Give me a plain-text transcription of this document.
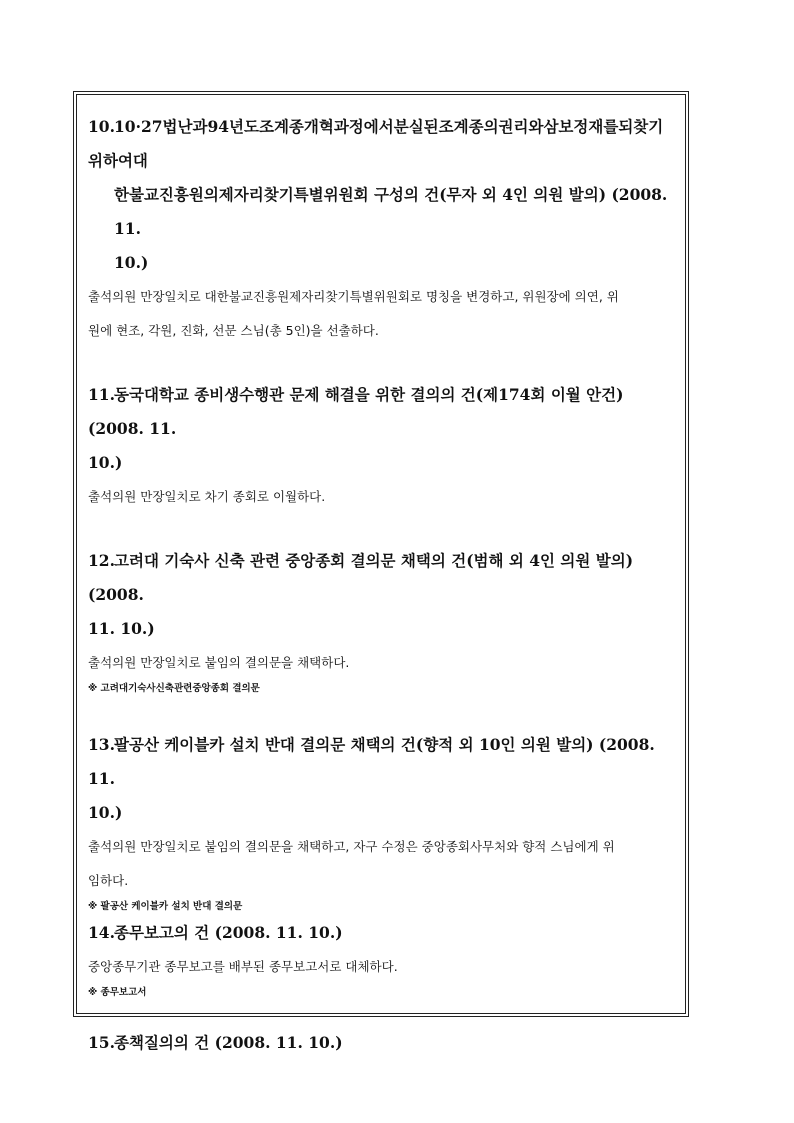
10.10·27법난과94년도조계종개혁과정에서분실된조계종의권리와삼보정재를되찾기위하여대

한불교진흥원의제자리찾기특별위원회 구성의 건(무자 외 4인 의원 발의) (2008. 11.

10.)

출석의원 만장일치로 대한불교진흥원제자리찾기특별위원회로 명칭을 변경하고, 위원장에 의연, 위

원에 현조, 각원, 진화, 선문 스님(총 5인)을 선출하다.

11.동국대학교 종비생수행관 문제 해결을 위한 결의의 건(제174회 이월 안건) (2008. 11.

10.)

출석의원 만장일치로 차기 종회로 이월하다.

12.고려대 기숙사 신축 관련 중앙종회 결의문 채택의 건(범해 외 4인 의원 발의) (2008.

11. 10.)

출석의원 만장일치로 붙임의 결의문을 채택하다.

※ 고려대기숙사신축관련중앙종회 결의문

13.팔공산 케이블카 설치 반대 결의문 채택의 건(향적 외 10인 의원 발의) (2008. 11.

10.)

출석의원 만장일치로 붙임의 결의문을 채택하고, 자구 수정은 중앙종회사무처와 향적 스님에게 위

임하다.

※ 팔공산 케이블카 설치 반대 결의문

14.종무보고의 건 (2008. 11. 10.)

중앙종무기관 종무보고를 배부된 종무보고서로 대체하다.

※ 종무보고서

15.종책질의의 건 (2008. 11. 10.)
